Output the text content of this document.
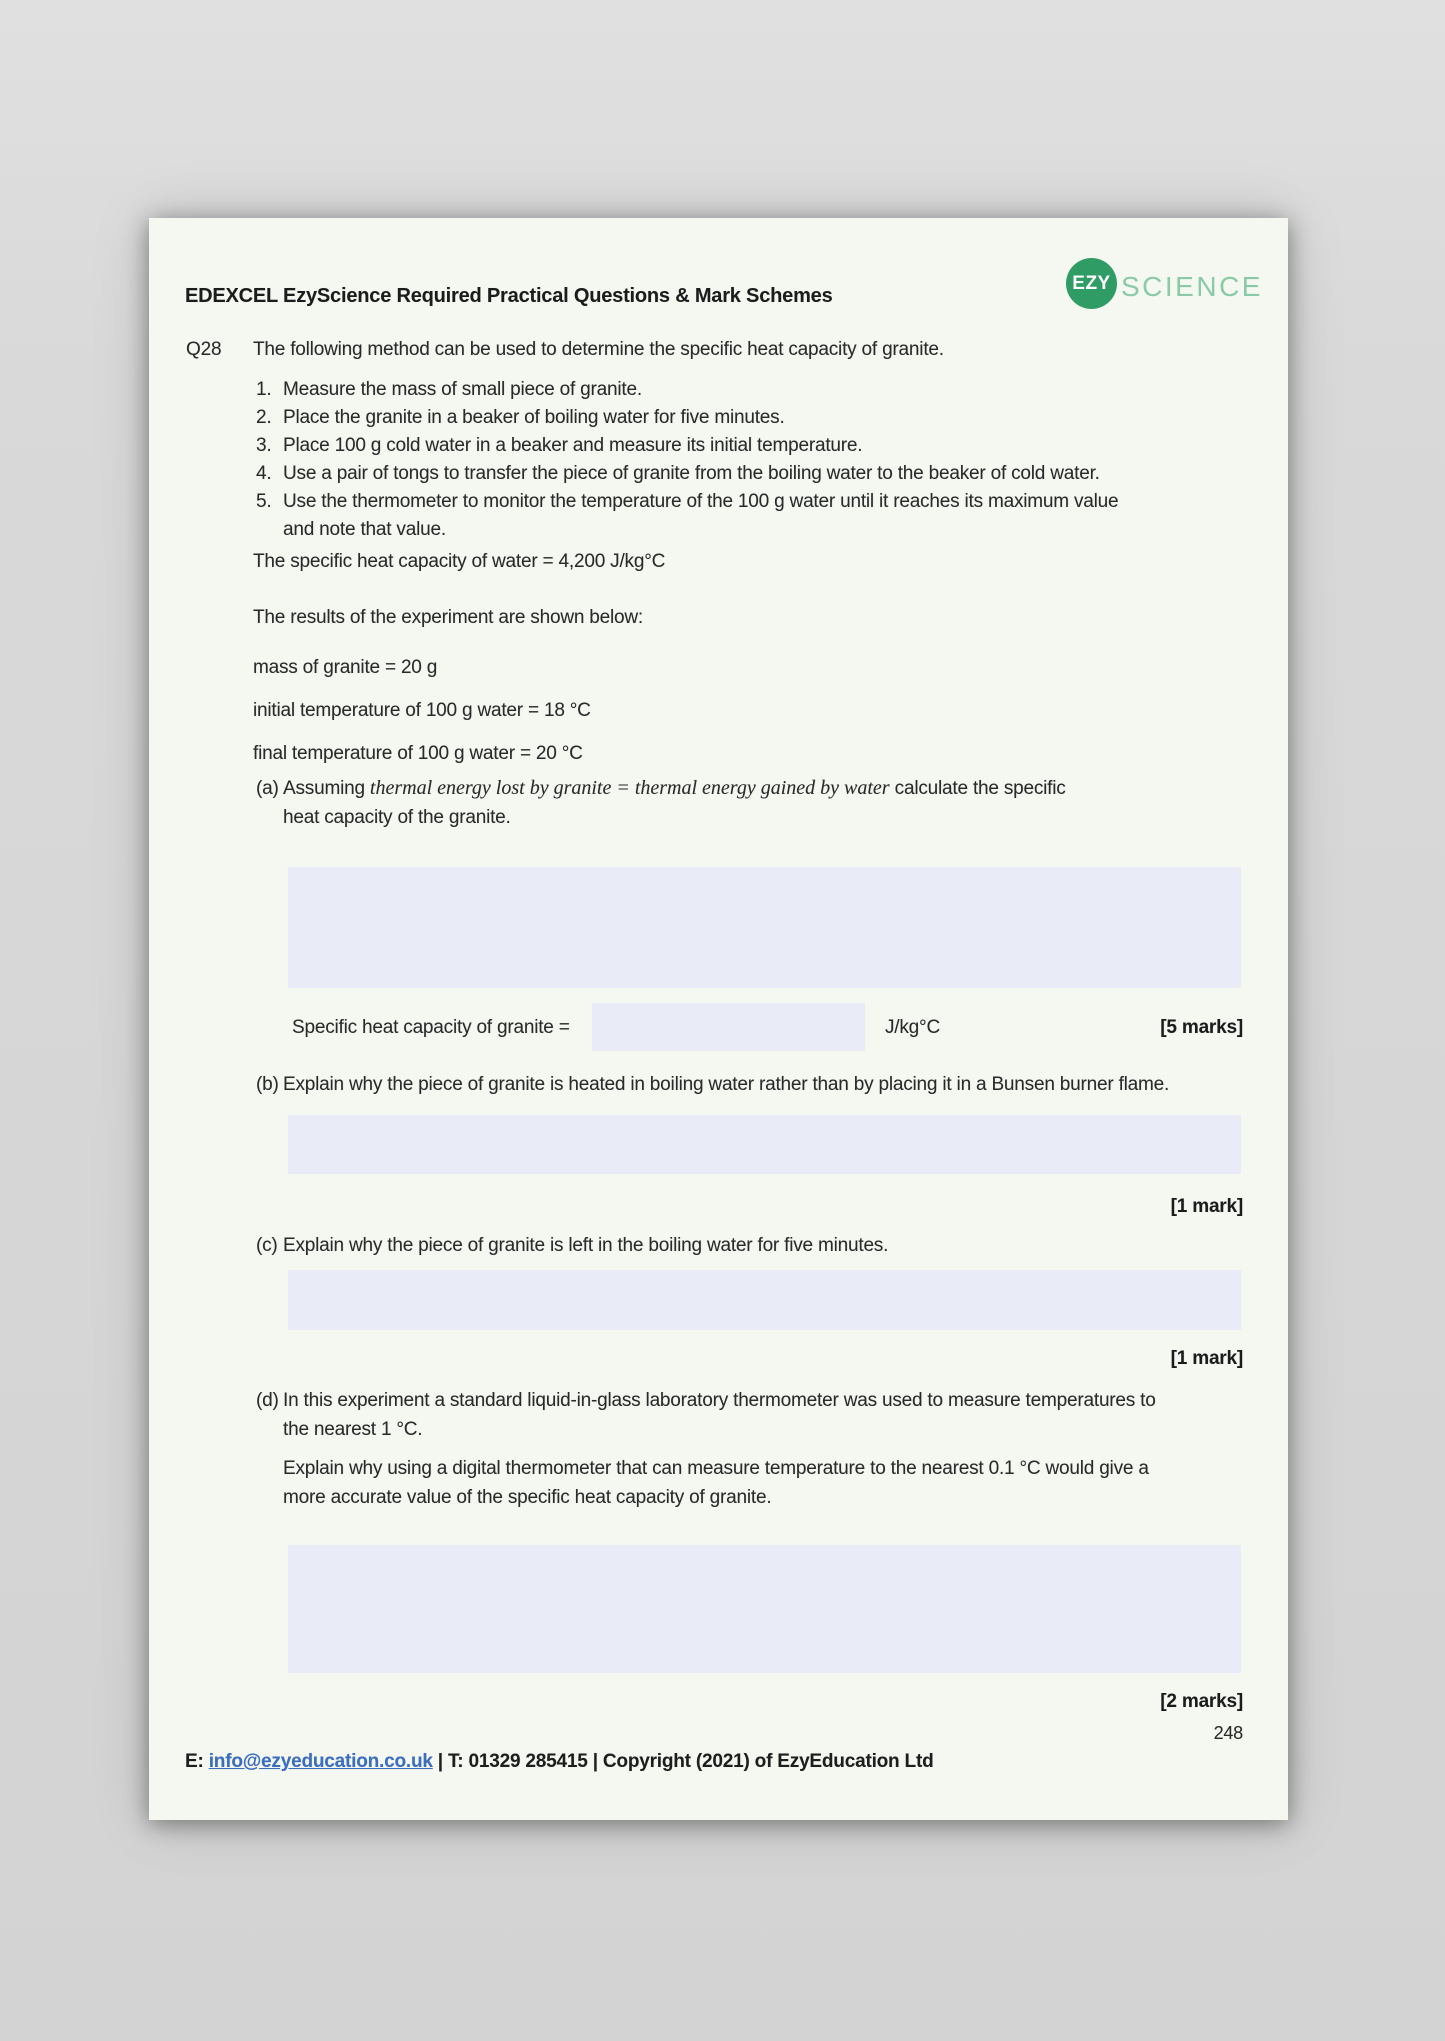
EDEXCEL EzyScience Required Practical Questions & Mark Schemes
EZY SCIENCE
Q28 The following method can be used to determine the specific heat capacity of granite.
1. Measure the mass of small piece of granite.
2. Place the granite in a beaker of boiling water for five minutes.
3. Place 100 g cold water in a beaker and measure its initial temperature.
4. Use a pair of tongs to transfer the piece of granite from the boiling water to the beaker of cold water.
5. Use the thermometer to monitor the temperature of the 100 g water until it reaches its maximum value
and note that value.
The specific heat capacity of water = 4,200 J/kg°C
The results of the experiment are shown below:
mass of granite = 20 g
initial temperature of 100 g water = 18 °C
final temperature of 100 g water = 20 °C
(a) Assuming thermal energy lost by granite = thermal energy gained by water calculate the specific
heat capacity of the granite.
Specific heat capacity of granite =	J/kg°C	[5 marks]
(b) Explain why the piece of granite is heated in boiling water rather than by placing it in a Bunsen burner flame.
[1 mark]
(c) Explain why the piece of granite is left in the boiling water for five minutes.
[1 mark]
(d) In this experiment a standard liquid-in-glass laboratory thermometer was used to measure temperatures to
the nearest 1 °C.
Explain why using a digital thermometer that can measure temperature to the nearest 0.1 °C would give a
more accurate value of the specific heat capacity of granite.
[2 marks]
248
E: info@ezyeducation.co.uk | T: 01329 285415 | Copyright (2021) of EzyEducation Ltd
